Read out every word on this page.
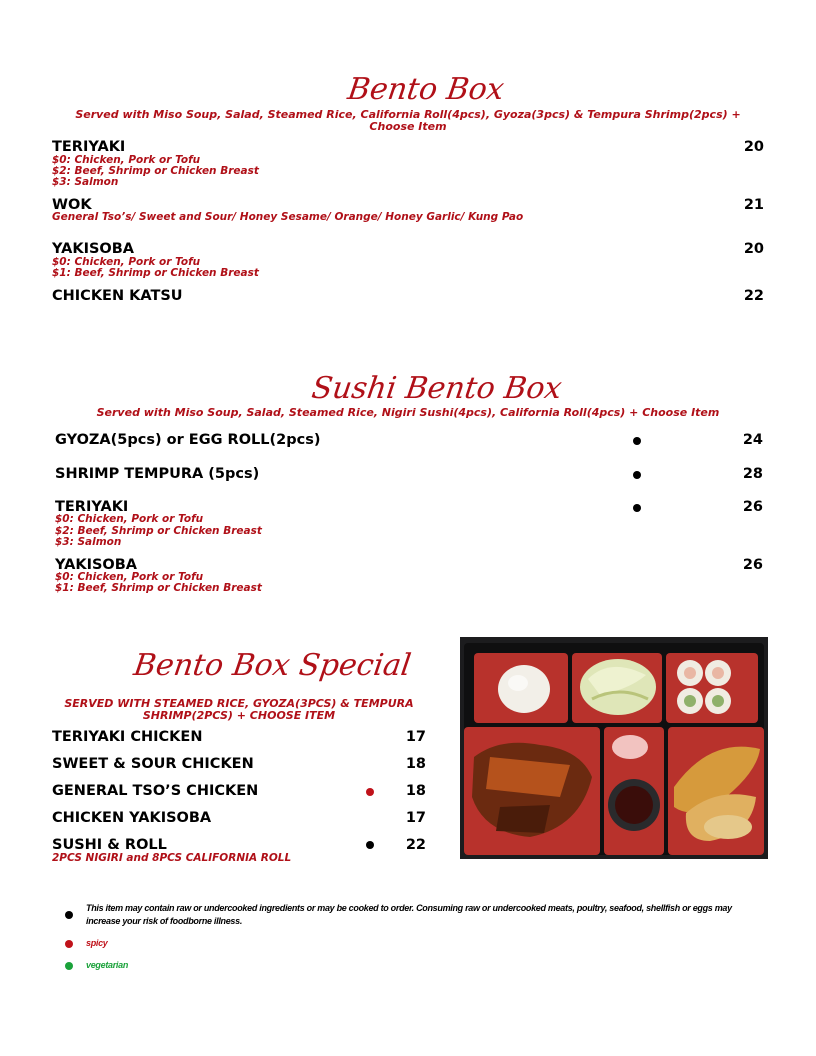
Bento Box
Served with Miso Soup, Salad, Steamed Rice, California Roll(4pcs), Gyoza(3pcs) & Tempura Shrimp(2pcs) + Choose Item
TERIYAKI	20
$0: Chicken, Pork or Tofu
$2: Beef, Shrimp or Chicken Breast
$3: Salmon
WOK	21
General Tso’s/ Sweet and Sour/ Honey Sesame/ Orange/ Honey Garlic/ Kung Pao
YAKISOBA	20
$0: Chicken, Pork or Tofu
$1: Beef, Shrimp or Chicken Breast
CHICKEN KATSU	22
Sushi Bento Box
Served with Miso Soup, Salad, Steamed Rice, Nigiri Sushi(4pcs), California Roll(4pcs) + Choose Item
GYOZA(5pcs) or EGG ROLL(2pcs)	24
SHRIMP TEMPURA (5pcs)	28
TERIYAKI	26
$0: Chicken, Pork or Tofu
$2: Beef, Shrimp or Chicken Breast
$3: Salmon
YAKISOBA	26
$0: Chicken, Pork or Tofu
$1: Beef, Shrimp or Chicken Breast
Bento Box Special
SERVED WITH STEAMED RICE, GYOZA(3PCS) & TEMPURA SHRIMP(2PCS) + CHOOSE ITEM
TERIYAKI CHICKEN	17
SWEET & SOUR CHICKEN	18
GENERAL TSO’S CHICKEN	18
CHICKEN YAKISOBA	17
SUSHI & ROLL	22
2PCS NIGIRI and 8PCS CALIFORNIA ROLL
This item may contain raw or undercooked ingredients or may be cooked to order. Consuming raw or undercooked meats, poultry, seafood, shellfish or eggs may increase your risk of foodborne illness.
spicy
vegetarian
